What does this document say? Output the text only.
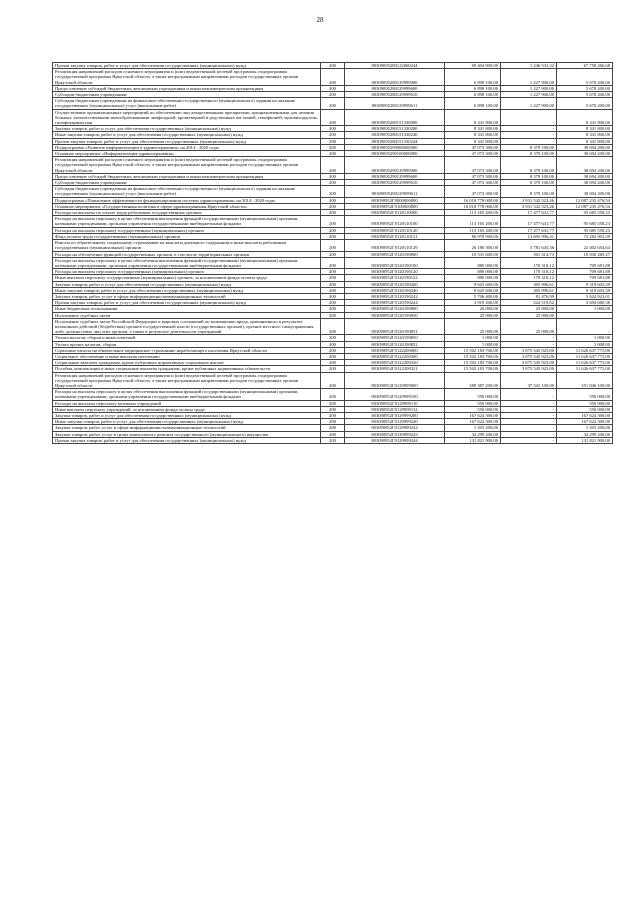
28
Прочая закупка товаров, работ и услуг для обеспечения государственных (муниципальных) нужд	200	80309095280122060244	69 404 800,00	1 246 533,32	67 758 266,68
Реализация направлений расходов основного мероприятия и (или) ведомственной целевой программы, подпрограммы государственной программы Иркутской области, а также непрограммным направлениям расходов государственных органов Иркутской области	200	80309095280129999000	6 898 100,00	1 227 900,00	5 670 200,00
Предоставление субсидий бюджетным, автономным учреждениям и иным некоммерческим организациям	200	80309095280129999600	6 898 100,00	1 227 900,00	5 670 200,00
Субсидии бюджетным учреждениям	200	80309095280129999610	6 898 100,00	1 227 900,00	5 670 200,00
Субсидии бюджетным учреждениям на финансовое обеспечение государственного (муниципального) задания на оказание государственных (муниципальных) услуг (выполнение работ)	200	80309095280129999611	6 898 100,00	1 227 900,00	5 670 200,00
Осуществление организационных мероприятий по обеспечению лиц лекарственными препаратами, предназначенными для лечения больных злокачественными новообразованиями лимфоидной, кроветворной и родственных им тканей, гемофилией, муковисцидозом, гипофизарным нан	200	80309095280151330000	8 341 800,00	-	8 341 800,00
Закупка товаров, работ и услуг для обеспечения государственных (муниципальных) нужд	200	80309095280151330200	8 341 800,00	-	8 341 800,00
Иные закупки товаров, работ и услуг для обеспечения государственных (муниципальных) нужд	200	80309095280151330240	8 341 800,00	-	8 341 800,00
Прочая закупка товаров, работ и услуг для обеспечения государственных (муниципальных) нужд	200	80309095280151330244	8 341 800,00	-	8 341 800,00
Подпрограмма «Развитие информатизации в здравоохранении» на 2014 - 2020 годы	200	80309095290000000000	47 073 300,00	8 379 100,00	38 694 200,00
Основное мероприятие «Информатизация здравоохранения»	200	80309095290100000000	47 073 300,00	8 379 100,00	38 694 200,00
Реализация направлений расходов основного мероприятия и (или) ведомственной целевой программы, подпрограммы государственной программы Иркутской области, а также непрограммным направлениям расходов государственных органов Иркутской области	200	80309095290129999000	47 073 300,00	8 379 100,00	38 694 200,00
Предоставление субсидий бюджетным, автономным учреждениям и иным некоммерческим организациям	200	80309095290129999600	47 073 300,00	8 379 100,00	38 694 200,00
Субсидии бюджетным учреждениям	200	80309095290129999610	47 073 300,00	8 379 100,00	38 694 200,00
Субсидии бюджетным учреждениям на финансовое обеспечение государственного (муниципального) задания на оказание государственных (муниципальных) услуг (выполнение работ)	200	80309095290129999611	47 073 300,00	8 379 100,00	38 694 200,00
Подпрограмма «Повышение эффективности функционирования системы здравоохранения» на 2014 - 2020 годы	200	803090952Г0000000000	16 018 778 000,00	3 931 542 523,46	12 087 235 476,54
Основное мероприятие «Государственная политика в сфере здравоохранения Иркутской области»	200	803090952Г0100000000	16 018 778 000,00	3 931 542 523,46	12 087 235 476,54
Расходы на выплаты по оплате труда работников государственных органов	200	803090952Г0120110000	113 165 200,00	17 477 641,77	95 685 558,23
Расходы на выплаты персоналу в целях обеспечения выполнения функций государственными (муниципальными) органами, казенными учреждениями, органами управления государственными внебюджетными фондами	200	803090952Г0120110100	113 165 200,00	17 477 641,77	95 685 558,23
Расходы на выплаты персоналу государственных (муниципальных) органов	200	803090952Г0120110120	113 165 200,00	17 477 641,77	95 685 558,23
Фонд оплаты труда государственных (муниципальных) органов	200	803090952Г0120110121	86 978 900,00	13 695 996,41	73 282 903,59
Взносы по обязательному социальному страхованию на выплаты денежного содержания и иные выплаты работникам государственных (муниципальных) органов	200	803090952Г0120110129	26 186 300,00	3 781 645,36	22 402 654,64
Расходы на обеспечение функций государственных органов, в том числе территориальных органов	200	803090952Г0120190000	10 531 600,00	501 314,73	10 030 285,27
Расходы на выплаты персоналу в целях обеспечения выполнения функций государственными (муниципальными) органами, казенными учреждениями, органами управления государственными внебюджетными фондами	200	803090952Г0120190100	880 000,00	170 318,12	709 681,88
Расходы на выплаты персоналу государственных (муниципальных) органов	200	803090952Г0120190120	880 000,00	170 318,12	709 681,88
Иные выплаты персоналу государственных (муниципальных) органов, за исключением фонда оплаты труда	200	803090952Г0120190122	880 000,00	170 318,12	709 681,88
Закупка товаров, работ и услуг для обеспечения государственных (муниципальных) нужд	200	803090952Г0120190200	9 625 600,00	305 996,61	9 319 603,39
Иные закупки товаров, работ и услуг для обеспечения государственных (муниципальных) нужд	200	803090952Г0120190240	9 625 600,00	305 996,61	9 319 603,39
Закупка товаров, работ, услуг в сфере информационно-коммуникационных технологий	200	803090952Г0120190242	5 706 400,00	81 476,99	5 624 923,01
Прочая закупка товаров, работ и услуг для обеспечения государственных (муниципальных) нужд	200	803090952Г0120190244	3 919 200,00	224 519,62	3 694 680,38
Иные бюджетные ассигнования	200	803090952Г0120190800	26 000,00	25 000,00	1 000,00
Исполнение судебных актов	200	803090952Г0120190830	25 000,00	25 000,00	-
Исполнение судебных актов Российской Федерации и мировых соглашений по возмещению вреда, причиненного в результате незаконных действий (бездействия) органов государственной власти (государственных органов), органов местного самоуправления либо должностных лиц этих органов, а также в результате деятельности учреждений	200	803090952Г0120190831	25 000,00	25 000,00	-
Уплата налогов, сборов и иных платежей	200	803090952Г0120190850	1 000,00	-	1 000,00
Уплата прочих налогов, сборов	200	803090952Г0120190852	1 000,00	-	1 000,00
Страховые взносы на обязательное медицинское страхование неработающего населения Иркутской области	200	803090952Г0122200000	15 502 183 700,00	3 875 545 925,00	11 626 637 775,00
Социальное обеспечение и иные выплаты населению	200	803090952Г0122200300	15 502 183 700,00	3 875 545 925,00	11 626 637 775,00
Социальные выплаты гражданам, кроме публичных нормативных социальных выплат	200	803090952Г0122200320	15 502 183 700,00	3 875 545 925,00	11 626 637 775,00
Пособия, компенсации и иные социальные выплаты гражданам, кроме публичных нормативных обязательств	200	803090952Г0122200321	15 502 183 700,00	3 875 545 925,00	11 626 637 775,00
Реализация направлений расходов основного мероприятия и (или) ведомственной целевой программы, подпрограммы государственной программы Иркутской области, а также непрограммным направлениям расходов государственных органов Иркутской области	200	803090952Г0129999000	389 387 200,00	37 541 100,00	351 846 100,00
Расходы на выплаты персоналу в целях обеспечения выполнения функций государственными (муниципальными) органами, казенными учреждениями, органами управления государственными внебюджетными фондами	200	803090952Г0129999100	550 000,00	-	550 000,00
Расходы на выплаты персоналу казенных учреждений	200	803090952Г0129999110	550 000,00	-	550 000,00
Иные выплаты персоналу учреждений, за исключением фонда оплаты труда	200	803090952Г0129999112	550 000,00	-	550 000,00
Закупка товаров, работ и услуг для обеспечения государственных (муниципальных) нужд	200	803090952Г0129999200	167 624 300,00	-	167 624 300,00
Иные закупки товаров, работ и услуг для обеспечения государственных (муниципальных) нужд	200	803090952Г0129999240	167 624 300,00	-	167 624 300,00
Закупка товаров, работ, услуг в сфере информационно-коммуникационных технологий	200	803090952Г0129999242	1 503 200,00	-	1 503 200,00
Закупка товаров, работ, услуг в целях капитального ремонта государственного (муниципального) имущества	200	803090952Г0129999243	34 299 200,00	-	34 299 200,00
Прочая закупка товаров, работ и услуг для обеспечения государственных (муниципальных) нужд	200	803090952Г0129999244	131 821 900,00	-	131 821 900,00
